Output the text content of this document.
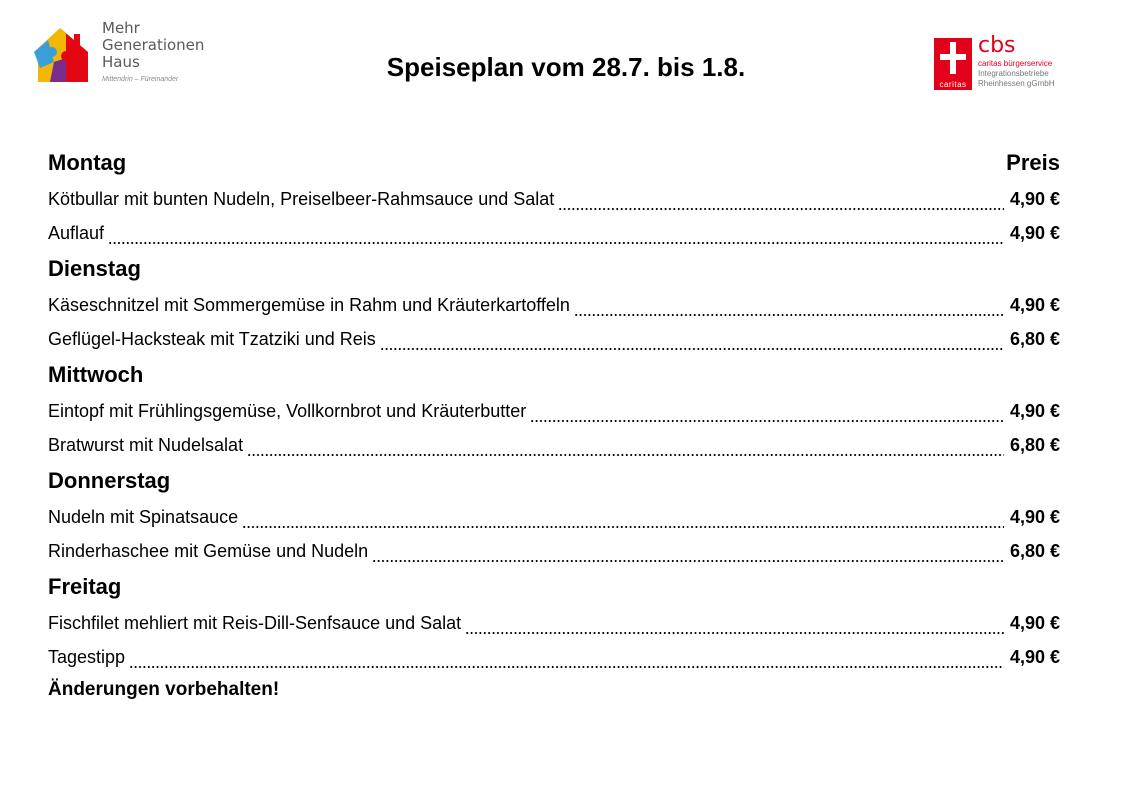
Mehr
Generationen
Haus
Mittendrin – Füreinander	Speiseplan vom 28.7. bis 1.8.
caritas
cbs
caritas bürgerservice
Integrationsbetriebe
Rheinhessen gGmbH
Montag	Preis
Kötbullar mit bunten Nudeln, Preiselbeer-Rahmsauce und Salat	4,90 €
Auflauf	4,90 €
Dienstag
Käseschnitzel mit Sommergemüse in Rahm und Kräuterkartoffeln	4,90 €
Geflügel-Hacksteak mit Tzatziki und Reis	6,80 €
Mittwoch
Eintopf mit Frühlingsgemüse, Vollkornbrot und Kräuterbutter	4,90 €
Bratwurst mit Nudelsalat	6,80 €
Donnerstag
Nudeln mit Spinatsauce	4,90 €
Rinderhaschee mit Gemüse und Nudeln	6,80 €
Freitag
Fischfilet mehliert mit Reis-Dill-Senfsauce und Salat	4,90 €
Tagestipp	4,90 €
Änderungen vorbehalten!
